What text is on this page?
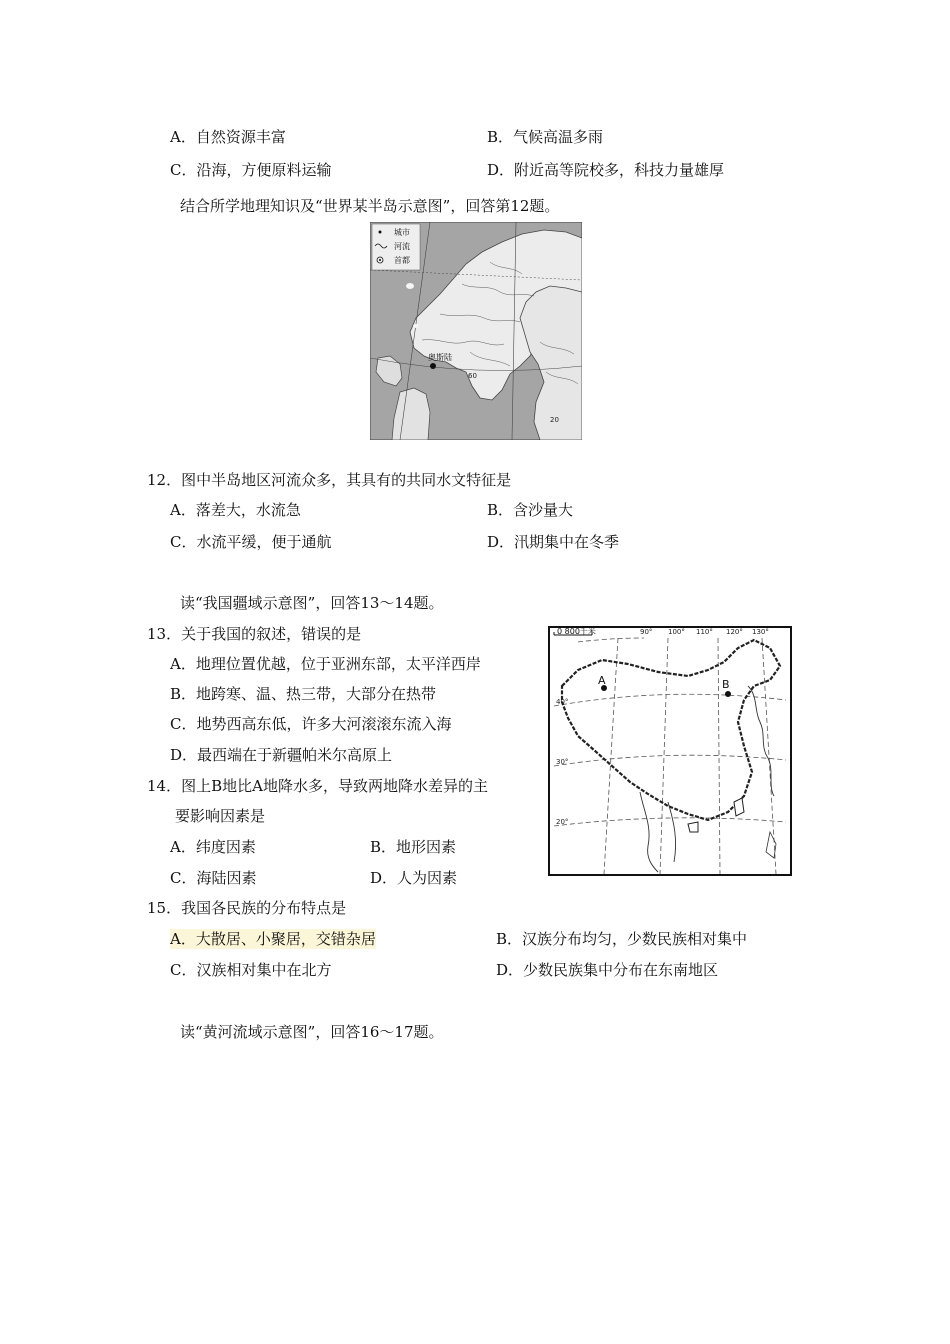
A．自然资源丰富	B．气候高温多雨
C．沿海，方便原料运输	D．附近高等院校多，科技力量雄厚
结合所学地理知识及“世界某半岛示意图”，回答第12题。
城市
河流
首都
奥斯陆
60
20
12．图中半岛地区河流众多，其具有的共同水文特征是
A．落差大，水流急	B．含沙量大
C．水流平缓，便于通航	D．汛期集中在冬季
读“我国疆域示意图”，回答13～14题。
13．关于我国的叙述，错误的是
A．地理位置优越，位于亚洲东部，太平洋西岸
B．地跨寒、温、热三带，大部分在热带
C．地势西高东低，许多大河滚滚东流入海
D．最西端在于新疆帕米尔高原上
14．图上B地比A地降水多，导致两地降水差异的主
要影响因素是
A．纬度因素	B．地形因素
C．海陆因素	D．人为因素
0 800千米	90° 100° 110° 120° 130°
40°
30°
20°
A	B
15．我国各民族的分布特点是
A．大散居、小聚居，交错杂居	B．汉族分布均匀，少数民族相对集中
C．汉族相对集中在北方	D．少数民族集中分布在东南地区
读“黄河流域示意图”，回答16～17题。
